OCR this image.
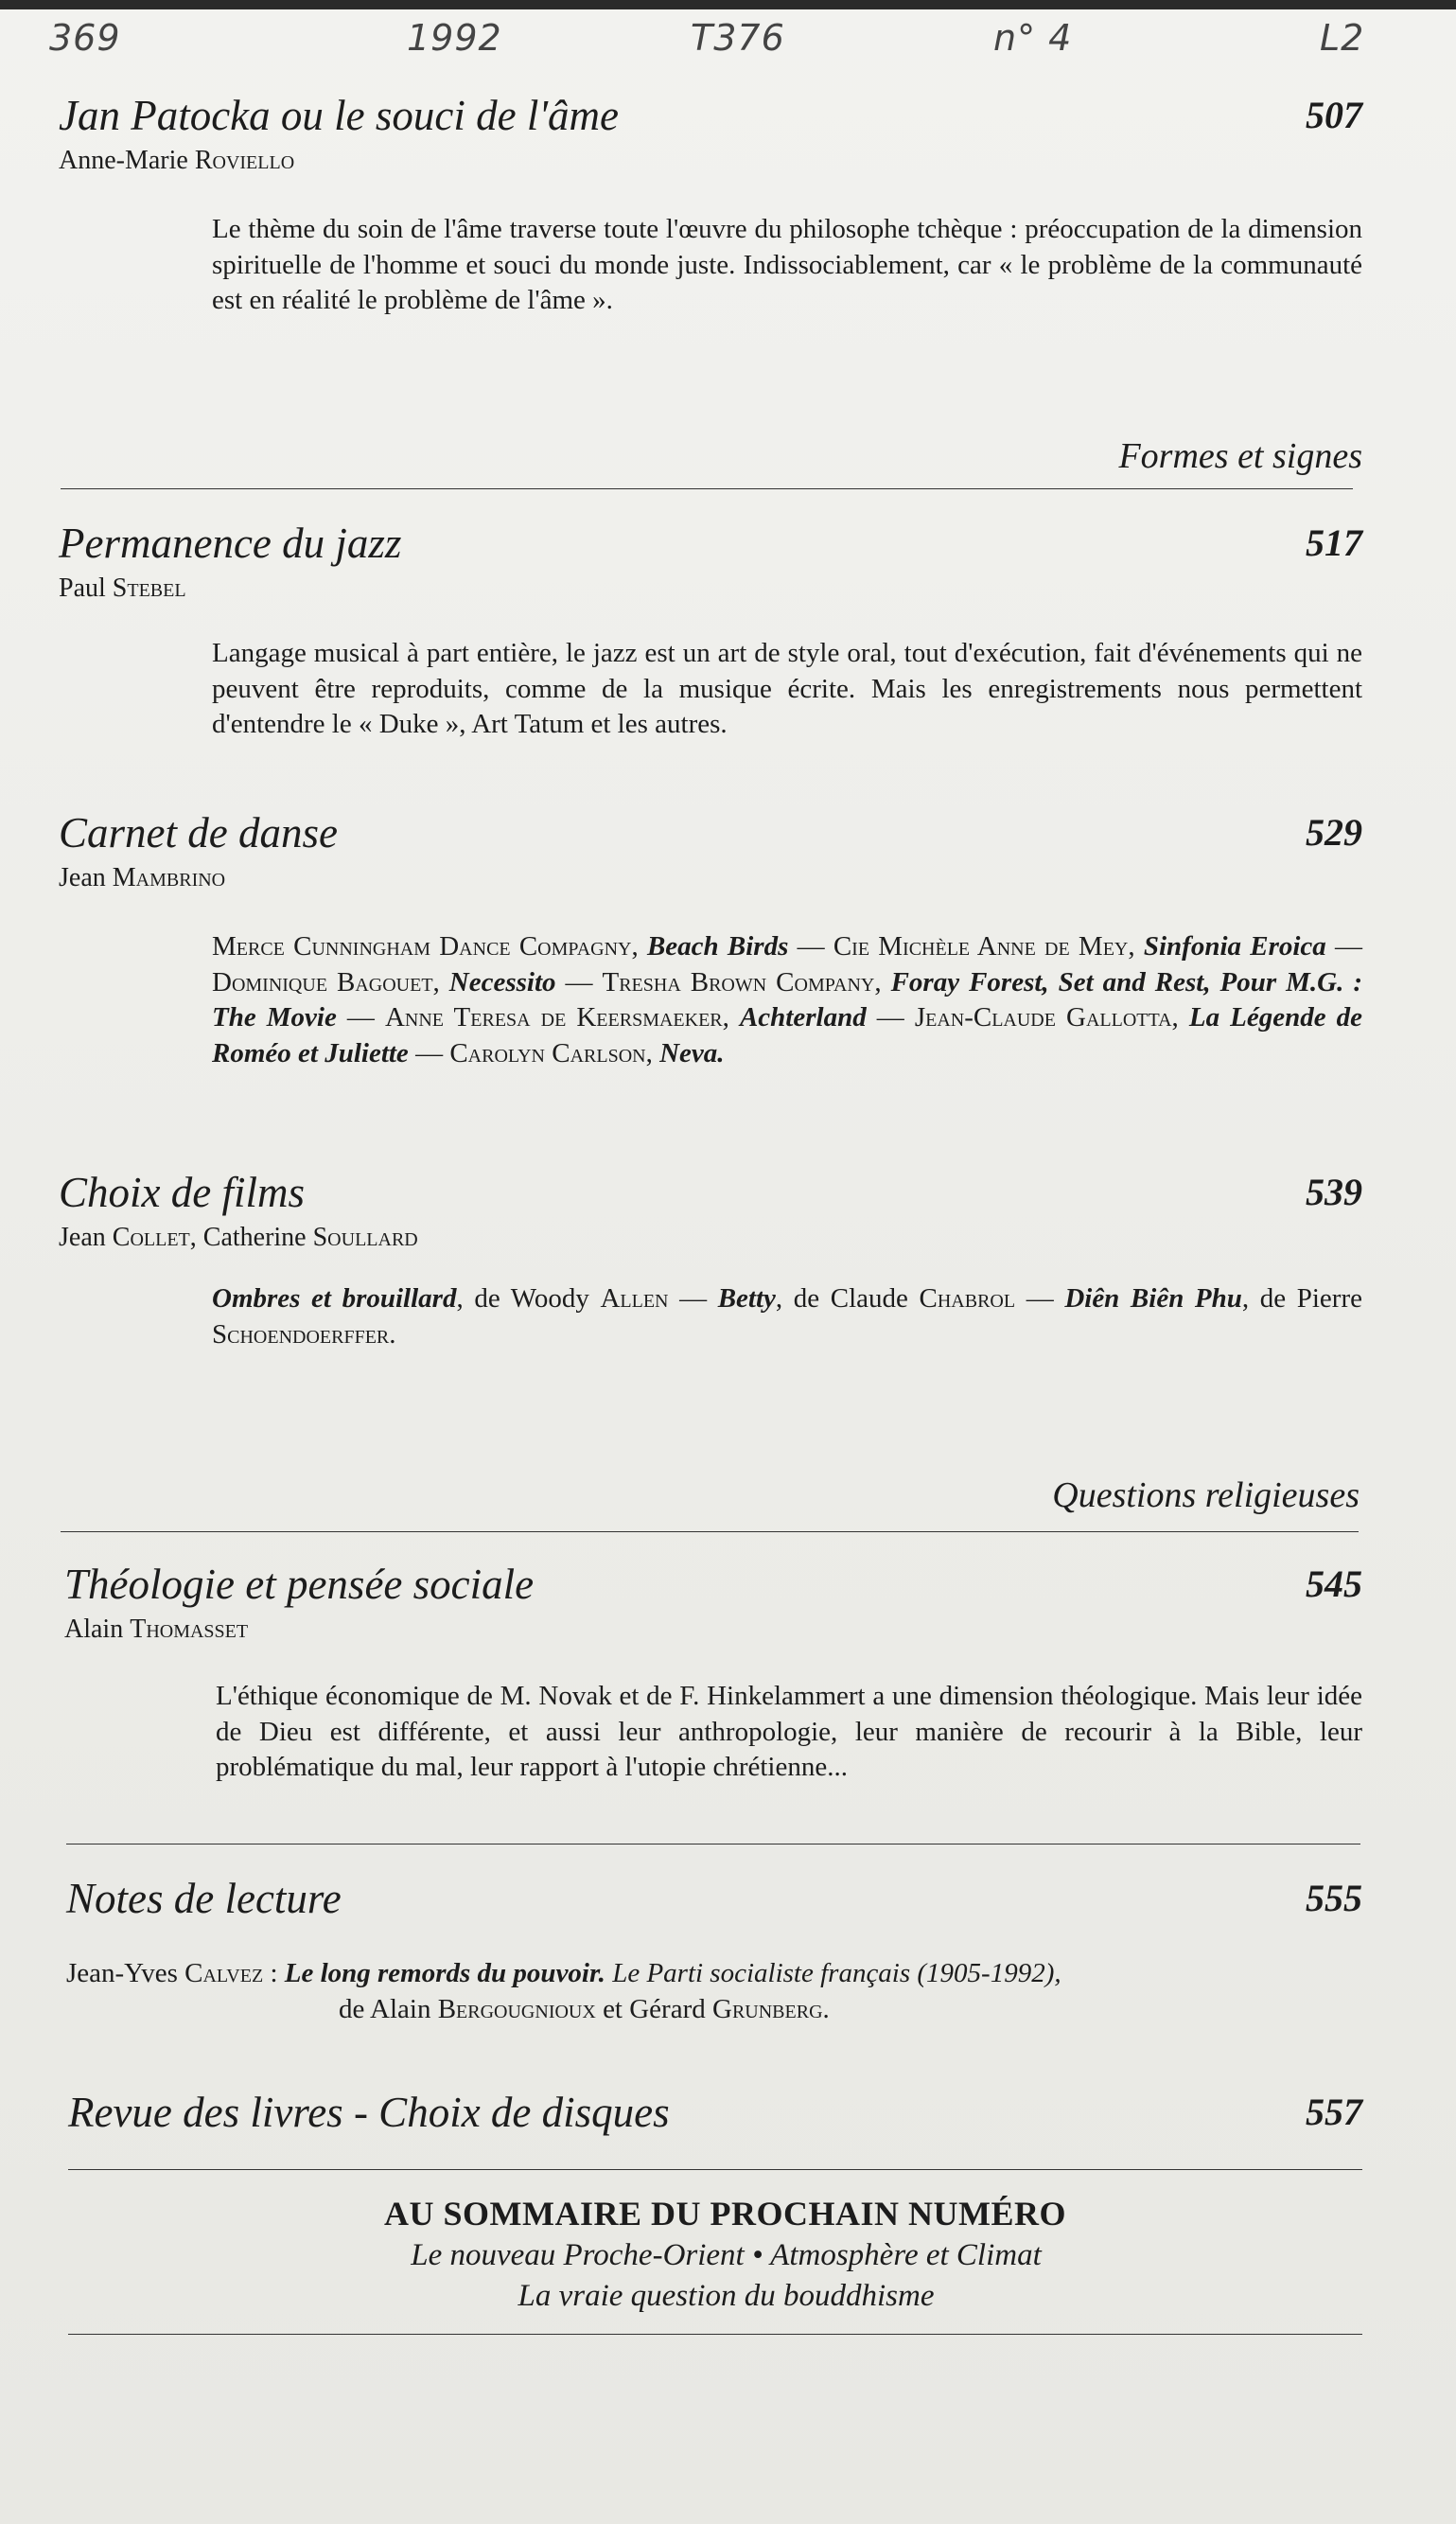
369	1992	T376	n° 4	L2
Jan Patocka ou le souci de l'âme	507
Anne-Marie Roviello
Le thème du soin de l'âme traverse toute l'œuvre du philosophe tchèque : préoccupation de la dimension spirituelle de l'homme et souci du monde juste. Indissociablement, car « le problème de la communauté est en réalité le problème de l'âme ».
Formes et signes
Permanence du jazz	517
Paul Stebel
Langage musical à part entière, le jazz est un art de style oral, tout d'exécution, fait d'événements qui ne peuvent être reproduits, comme de la musique écrite. Mais les enregistrements nous permettent d'entendre le « Duke », Art Tatum et les autres.
Carnet de danse	529
Jean Mambrino
Merce Cunningham Dance Compagny, Beach Birds — Cie Michèle Anne de Mey, Sinfonia Eroica — Dominique Bagouet, Necessito — Tresha Brown Company, Foray Forest, Set and Rest, Pour M.G. : The Movie — Anne Teresa de Keersmaeker, Achterland — Jean-Claude Gallotta, La Légende de Roméo et Juliette — Carolyn Carlson, Neva.
Choix de films	539
Jean Collet, Catherine Soullard
Ombres et brouillard, de Woody Allen — Betty, de Claude Chabrol — Diên Biên Phu, de Pierre Schoendoerffer.
Questions religieuses
Théologie et pensée sociale	545
Alain Thomasset
L'éthique économique de M. Novak et de F. Hinkelammert a une dimension théologique. Mais leur idée de Dieu est différente, et aussi leur anthropologie, leur manière de recourir à la Bible, leur problématique du mal, leur rapport à l'utopie chrétienne...
Notes de lecture	555
Jean-Yves Calvez : Le long remords du pouvoir. Le Parti socialiste français (1905-1992),
de Alain Bergougnioux et Gérard Grunberg.
Revue des livres - Choix de disques	557
AU SOMMAIRE DU PROCHAIN NUMÉRO
Le nouveau Proche-Orient • Atmosphère et Climat
La vraie question du bouddhisme
